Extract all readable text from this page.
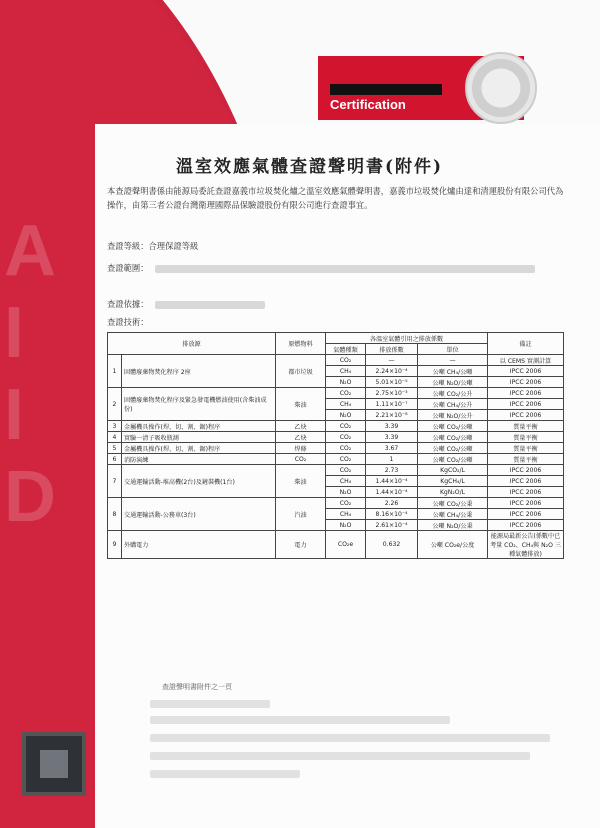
A
I
I
D
Certification
溫室效應氣體查證聲明書(附件)
本查證聲明書係由能源局委託查證嘉義市垃圾焚化爐之溫室效應氣體聲明書，嘉義市垃圾焚化爐由達和清運股份有限公司代為操作，由第三者公證台灣衛理國際品保驗證股份有限公司進行查證事宜。
查證等級：合理保證等級
查證範圍：
查證依據：
查證技術：
排放源		原燃物料	各溫室氣體引用之排放係數			備註
			氣體種類	排放係數	單位	
1	固體廢棄物焚化程序 2座	都市垃圾	CO₂	—	—	以 CEMS 實測計算
			CH₄	2.24×10⁻⁴	公噸 CH₄/公噸	IPCC 2006
			N₂O	5.01×10⁻⁵	公噸 N₂O/公噸	IPCC 2006
2	固體廢棄物焚化程序及緊急發電機燃油使用(含柴油成份)	柴油	CO₂	2.75×10⁻³	公噸 CO₂/公升	IPCC 2006
			CH₄	1.11×10⁻⁷	公噸 CH₄/公升	IPCC 2006
			N₂O	2.21×10⁻⁸	公噸 N₂O/公升	IPCC 2006
3	金屬機具操作(焊、切、割、鋸)程序	乙炔	CO₂	3.39	公噸 CO₂/公噸	質量平衡
4	實驗一清子吸收瓶測	乙炔	CO₂	3.39	公噸 CO₂/公噸	質量平衡
5	金屬機具操作(焊、切、割、鋸)程序	焊條	CO₂	3.67	公噸 CO₂/公噸	質量平衡
6	消防演練	CO₂	CO₂	1	公噸 CO₂/公噸	質量平衡
7	交通運輸活動-堆高機(2台)及鏟裝機(1台)	柴油	CO₂	2.73	KgCO₂/L	IPCC 2006
			CH₄	1.44×10⁻⁴	KgCH₄/L	IPCC 2006
			N₂O	1.44×10⁻⁴	KgN₂O/L	IPCC 2006
8	交通運輸活動-公務車(3台)	汽油	CO₂	2.26	公噸 CO₂/公秉	IPCC 2006
			CH₄	8.16×10⁻⁴	公噸 CH₄/公秉	IPCC 2006
			N₂O	2.61×10⁻⁴	公噸 N₂O/公秉	IPCC 2006
9	外購電力	電力	CO₂e	0.632	公噸 CO₂e/公度	能源局最新公告(係數中已考量 CO₂、CH₄與 N₂O 三種氣體排放)
查證聲明書附件之一頁
